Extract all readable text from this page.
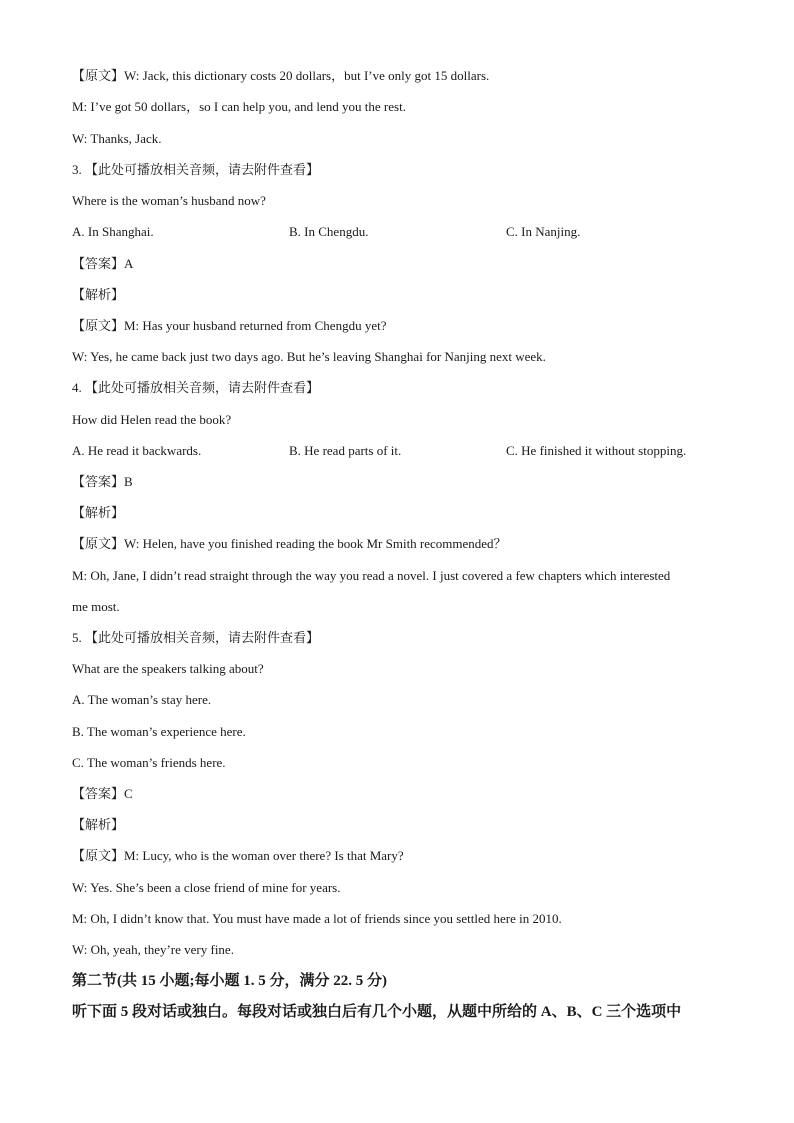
【原文】W: Jack, this dictionary costs 20 dollars，but I’ve only got 15 dollars.
M: I’ve got 50 dollars，so I can help you, and lend you the rest.
W: Thanks, Jack.
3. 【此处可播放相关音频，请去附件查看】
Where is the woman’s husband now?
A. In Shanghai.	B. In Chengdu.	C. In Nanjing.
【答案】A
【解析】
【原文】M: Has your husband returned from Chengdu yet?
W: Yes, he came back just two days ago. But he’s leaving Shanghai for Nanjing next week.
4. 【此处可播放相关音频，请去附件查看】
How did Helen read the book?
A. He read it backwards.	B. He read parts of it.	C. He finished it without stopping.
【答案】B
【解析】
【原文】W: Helen, have you finished reading the book Mr Smith recommended？
M: Oh, Jane, I didn’t read straight through the way you read a novel. I just covered a few chapters which interested
me most.
5. 【此处可播放相关音频，请去附件查看】
What are the speakers talking about?
A. The woman’s stay here.
B. The woman’s experience here.
C. The woman’s friends here.
【答案】C
【解析】
【原文】M: Lucy, who is the woman over there? Is that Mary?
W: Yes. She’s been a close friend of mine for years.
M: Oh, I didn’t know that. You must have made a lot of friends since you settled here in 2010.
W: Oh, yeah, they’re very fine.
第二节(共 15 小题;每小题 1. 5 分，满分 22. 5 分)
听下面 5 段对话或独白。每段对话或独白后有几个小题，从题中所给的 A、B、C 三个选项中
